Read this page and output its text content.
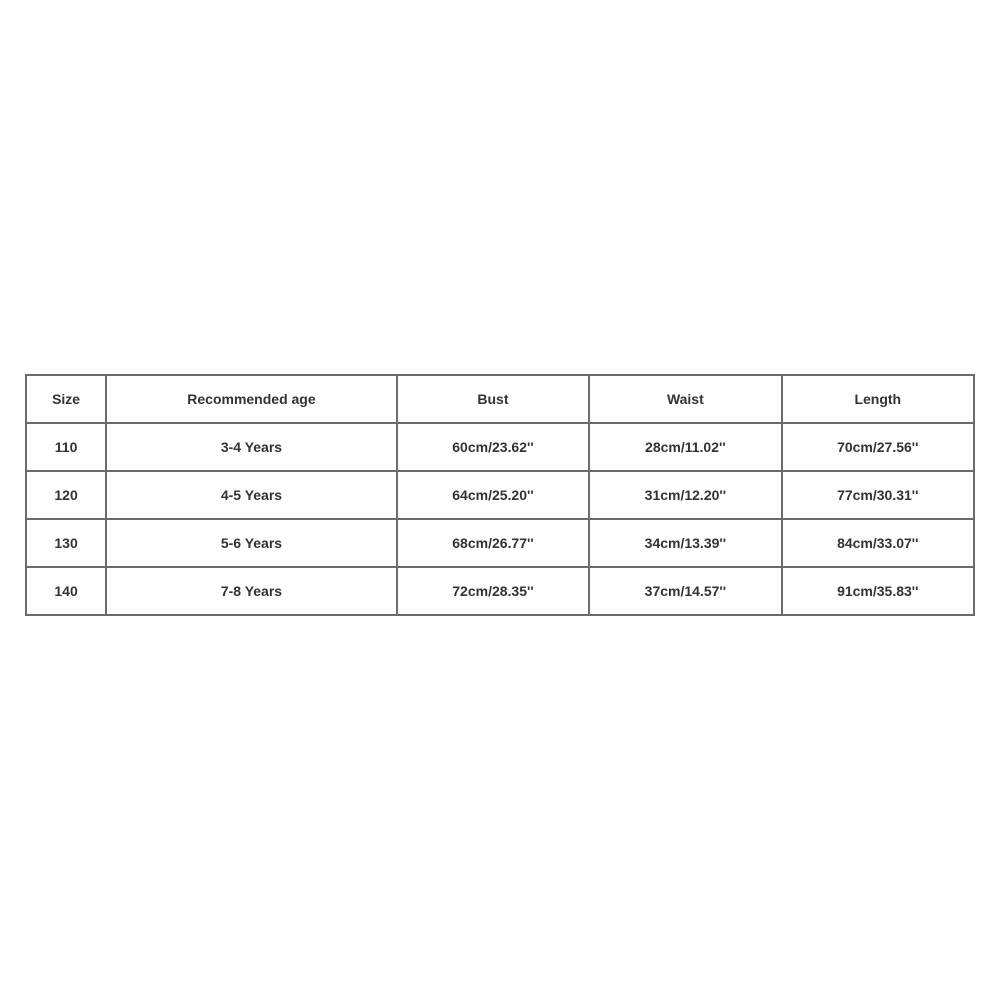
Size	Recommended age	Bust	Waist	Length
110	3-4 Years	60cm/23.62''	28cm/11.02''	70cm/27.56''
120	4-5 Years	64cm/25.20''	31cm/12.20''	77cm/30.31''
130	5-6 Years	68cm/26.77''	34cm/13.39''	84cm/33.07''
140	7-8 Years	72cm/28.35''	37cm/14.57''	91cm/35.83''
